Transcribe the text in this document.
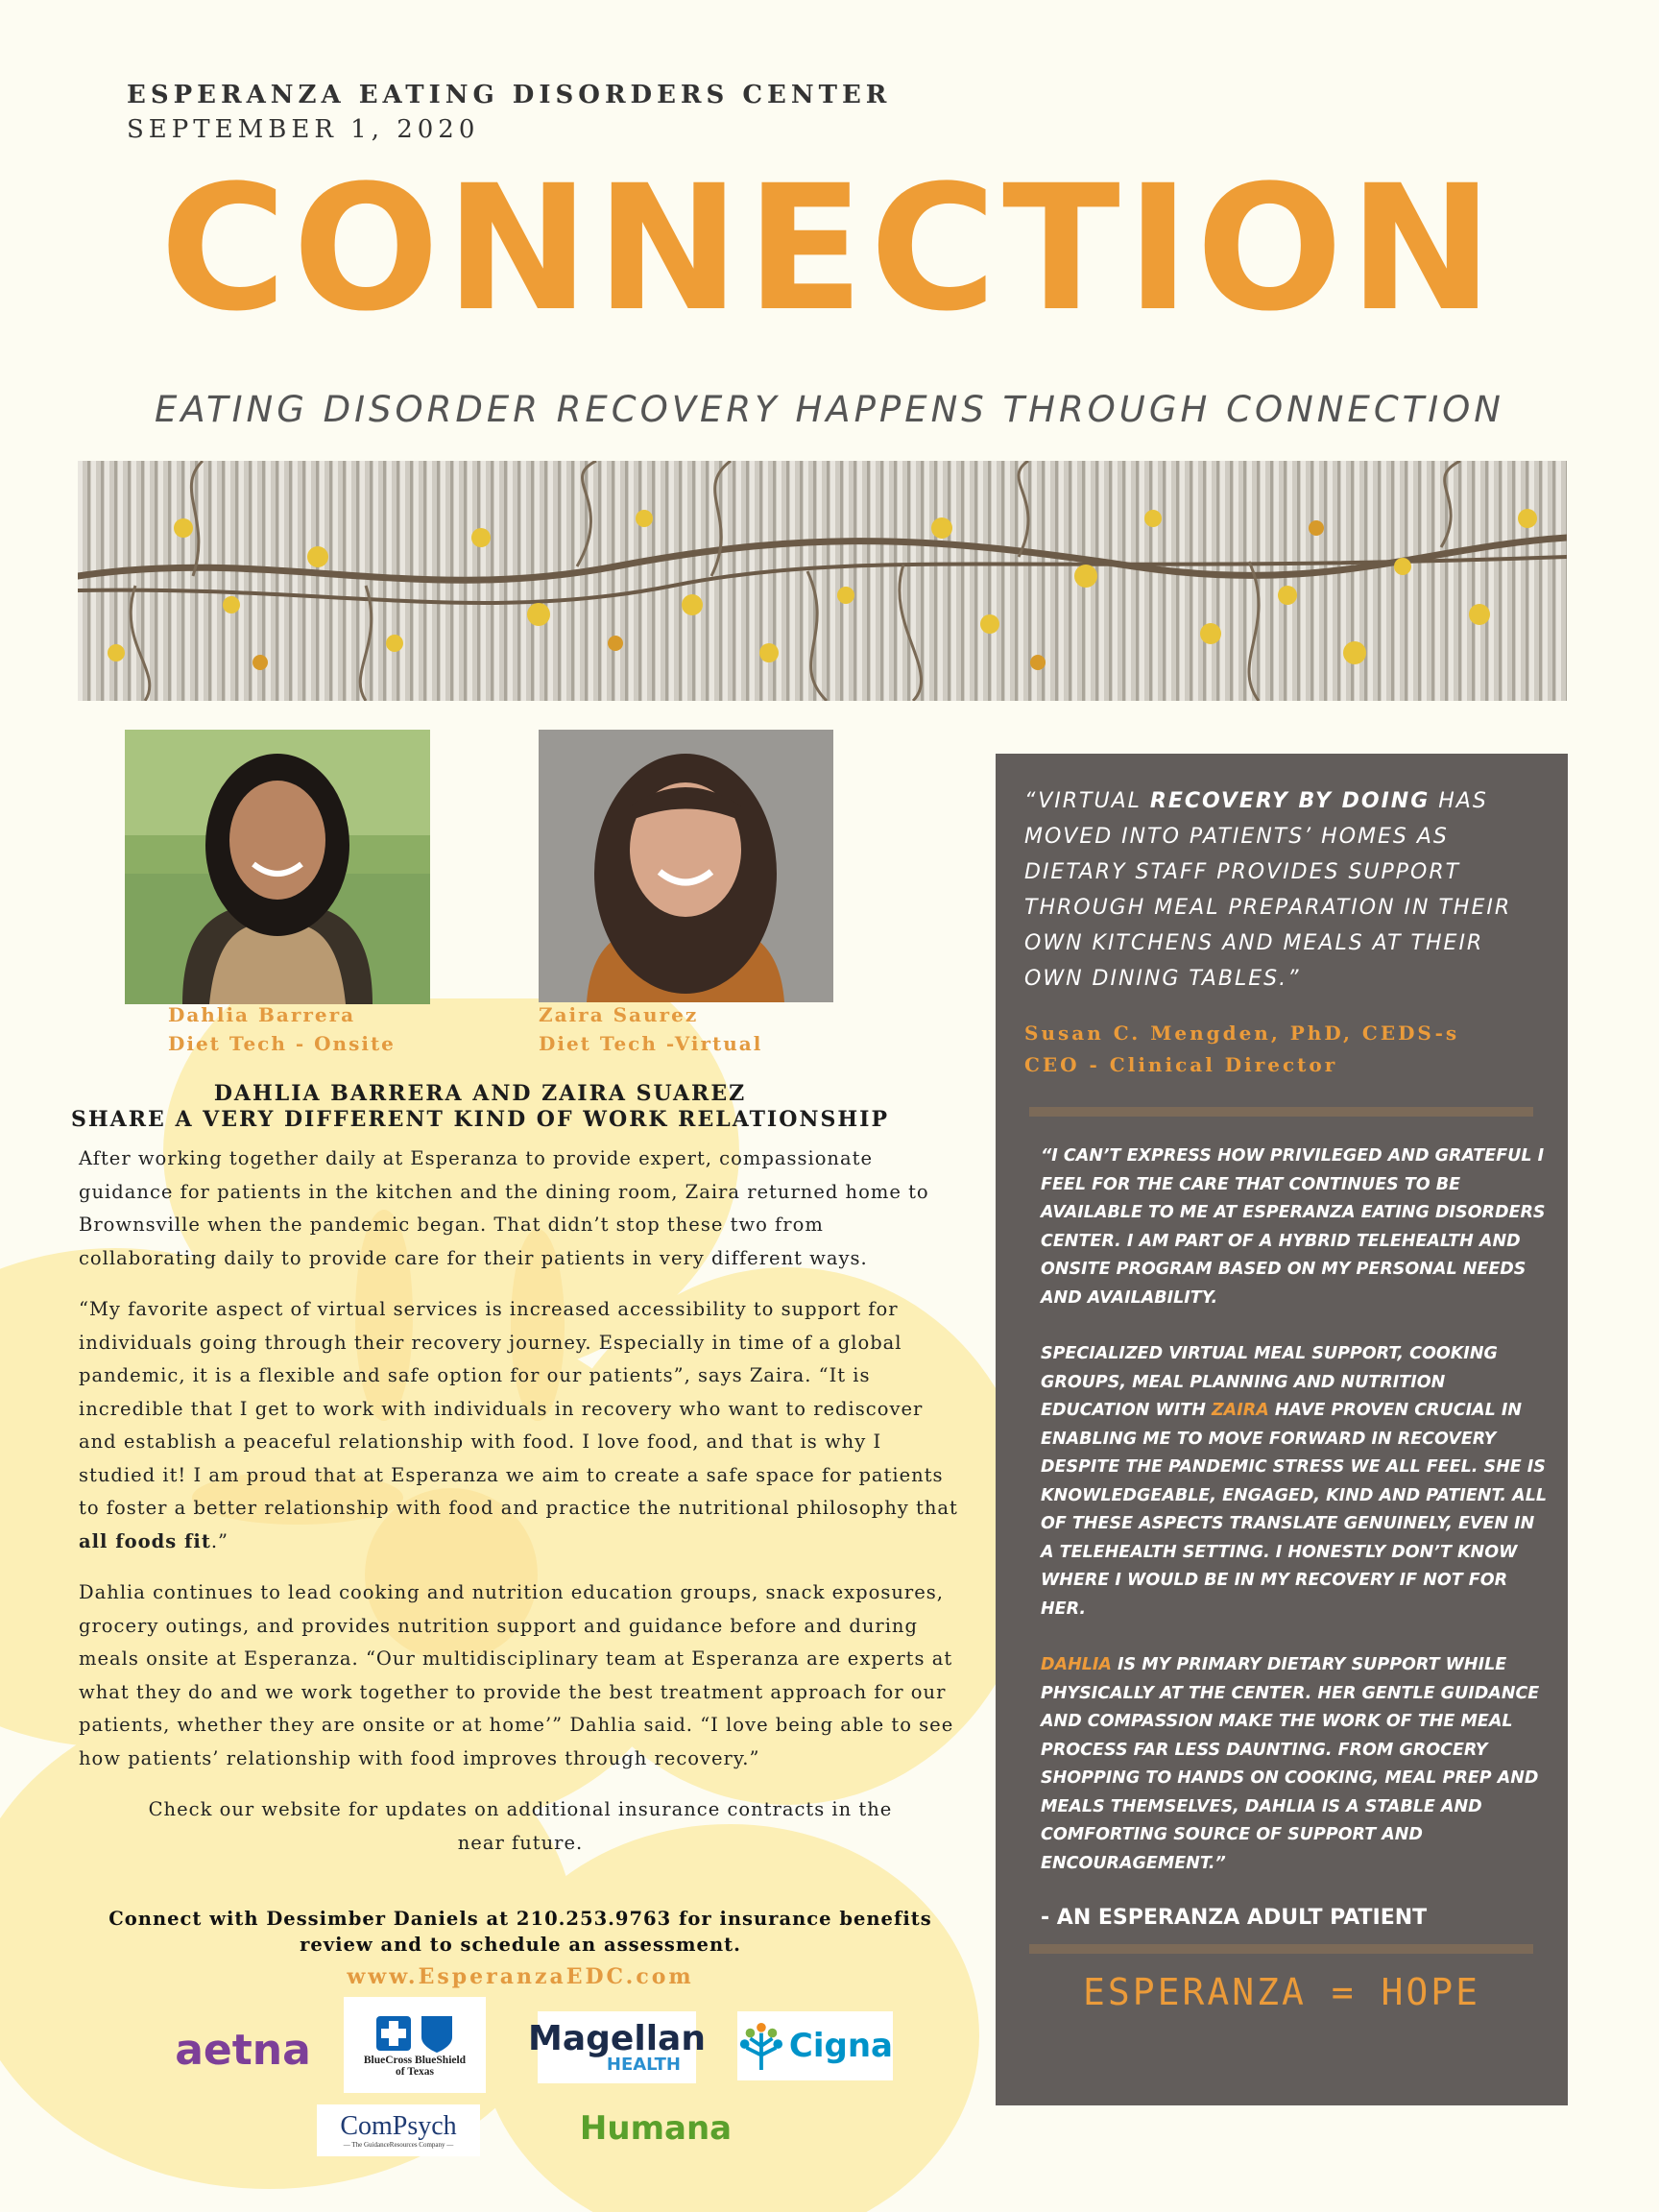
ESPERANZA EATING DISORDERS CENTER
SEPTEMBER 1, 2020
CONNECTION
EATING DISORDER RECOVERY HAPPENS THROUGH CONNECTION
Dahlia Barrera
Diet Tech - Onsite
Zaira Saurez
Diet Tech -Virtual
DAHLIA BARRERA AND ZAIRA SUAREZ
SHARE A VERY DIFFERENT KIND OF WORK RELATIONSHIP

After working together daily at Esperanza to provide expert, compassionate guidance for patients in the kitchen and the dining room, Zaira returned home to Brownsville when the pandemic began. That didn’t stop these two from collaborating daily to provide care for their patients in very different ways.

“My favorite aspect of virtual services is increased accessibility to support for individuals going through their recovery journey. Especially in time of a global pandemic, it is a flexible and safe option for our patients”, says Zaira. “It is incredible that I get to work with individuals in recovery who want to rediscover and establish a peaceful relationship with food. I love food, and that is why I studied it! I am proud that at Esperanza we aim to create a safe space for patients to foster a better relationship with food and practice the nutritional philosophy that all foods fit.”

Dahlia continues to lead cooking and nutrition education groups, snack exposures, grocery outings, and provides nutrition support and guidance before and during meals onsite at Esperanza. “Our multidisciplinary team at Esperanza are experts at what they do and we work together to provide the best treatment approach for our patients, whether they are onsite or at home’” Dahlia said. “I love being able to see how patients’ relationship with food improves through recovery.”

Check our website for updates on additional insurance contracts in the near future.

Connect with Dessimber Daniels at 210.253.9763 for insurance benefits review and to schedule an assessment.
www.EsperanzaEDC.com
aetna	BlueCross BlueShield
of Texas
Magellan
HEALTH	Cigna
ComPsych
— The GuidanceResources Company —	Humana
“VIRTUAL RECOVERY BY DOING HAS MOVED INTO PATIENTS’ HOMES AS DIETARY STAFF PROVIDES SUPPORT THROUGH MEAL PREPARATION IN THEIR OWN KITCHENS AND MEALS AT THEIR OWN DINING TABLES.”
Susan C. Mengden, PhD, CEDS-s
CEO - Clinical Director

“I CAN’T EXPRESS HOW PRIVILEGED AND GRATEFUL I FEEL FOR THE CARE THAT CONTINUES TO BE AVAILABLE TO ME AT ESPERANZA EATING DISORDERS CENTER. I AM PART OF A HYBRID TELEHEALTH AND ONSITE PROGRAM BASED ON MY PERSONAL NEEDS AND AVAILABILITY.

SPECIALIZED VIRTUAL MEAL SUPPORT, COOKING GROUPS, MEAL PLANNING AND NUTRITION EDUCATION WITH ZAIRA HAVE PROVEN CRUCIAL IN ENABLING ME TO MOVE FORWARD IN RECOVERY DESPITE THE PANDEMIC STRESS WE ALL FEEL. SHE IS KNOWLEDGEABLE, ENGAGED, KIND AND PATIENT. ALL OF THESE ASPECTS TRANSLATE GENUINELY, EVEN IN A TELEHEALTH SETTING. I HONESTLY DON’T KNOW WHERE I WOULD BE IN MY RECOVERY IF NOT FOR HER.

DAHLIA IS MY PRIMARY DIETARY SUPPORT WHILE PHYSICALLY AT THE CENTER. HER GENTLE GUIDANCE AND COMPASSION MAKE THE WORK OF THE MEAL PROCESS FAR LESS DAUNTING. FROM GROCERY SHOPPING TO HANDS ON COOKING, MEAL PREP AND MEALS THEMSELVES, DAHLIA IS A STABLE AND COMFORTING SOURCE OF SUPPORT AND ENCOURAGEMENT.”

- AN ESPERANZA ADULT PATIENT
ESPERANZA = HOPE
